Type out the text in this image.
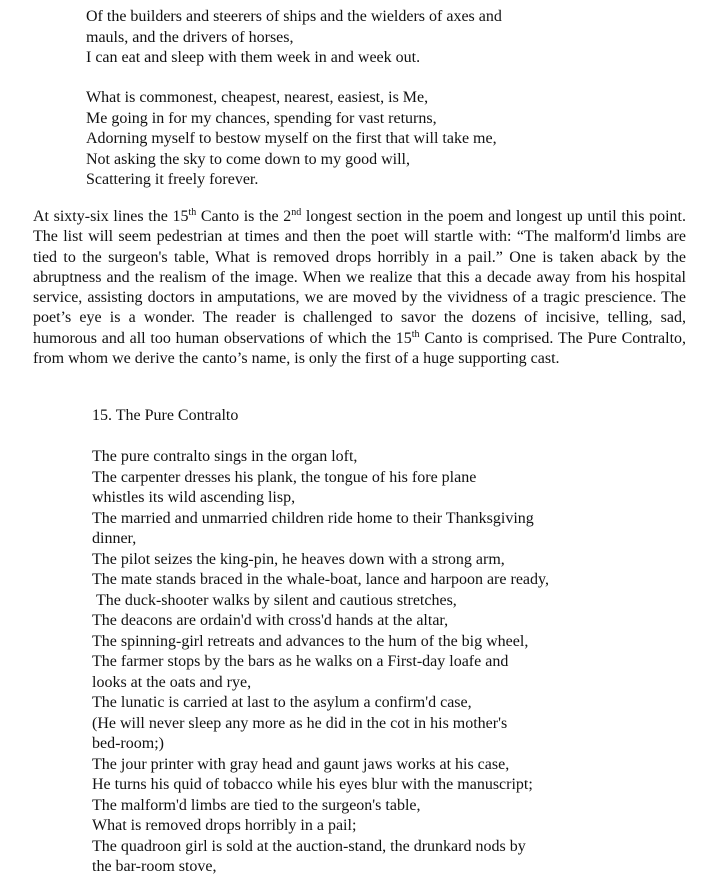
Of the builders and steerers of ships and the wielders of axes and
mauls, and the drivers of horses,
I can eat and sleep with them week in and week out.
What is commonest, cheapest, nearest, easiest, is Me,
Me going in for my chances, spending for vast returns,
Adorning myself to bestow myself on the first that will take me,
Not asking the sky to come down to my good will,
Scattering it freely forever.

At sixty-six lines the 15th Canto is the 2nd longest section in the poem and longest up until this point. The list will seem pedestrian at times and then the poet will startle with: “The malform'd limbs are tied to the surgeon's table, What is removed drops horribly in a pail.” One is taken aback by the abruptness and the realism of the image. When we realize that this a decade away from his hospital service, assisting doctors in amputations, we are moved by the vividness of a tragic prescience. The poet’s eye is a wonder. The reader is challenged to savor the dozens of incisive, telling, sad, humorous and all too human observations of which the 15th Canto is comprised. The Pure Contralto, from whom we derive the canto’s name, is only the first of a huge supporting cast.

15. The Pure Contralto
The pure contralto sings in the organ loft,
The carpenter dresses his plank, the tongue of his fore plane
whistles its wild ascending lisp,
The married and unmarried children ride home to their Thanksgiving
dinner,
The pilot seizes the king-pin, he heaves down with a strong arm,
The mate stands braced in the whale-boat, lance and harpoon are ready,
The duck-shooter walks by silent and cautious stretches,
The deacons are ordain'd with cross'd hands at the altar,
The spinning-girl retreats and advances to the hum of the big wheel,
The farmer stops by the bars as he walks on a First-day loafe and
looks at the oats and rye,
The lunatic is carried at last to the asylum a confirm'd case,
(He will never sleep any more as he did in the cot in his mother's
bed-room;)
The jour printer with gray head and gaunt jaws works at his case,
He turns his quid of tobacco while his eyes blur with the manuscript;
The malform'd limbs are tied to the surgeon's table,
What is removed drops horribly in a pail;
The quadroon girl is sold at the auction-stand, the drunkard nods by
the bar-room stove,
